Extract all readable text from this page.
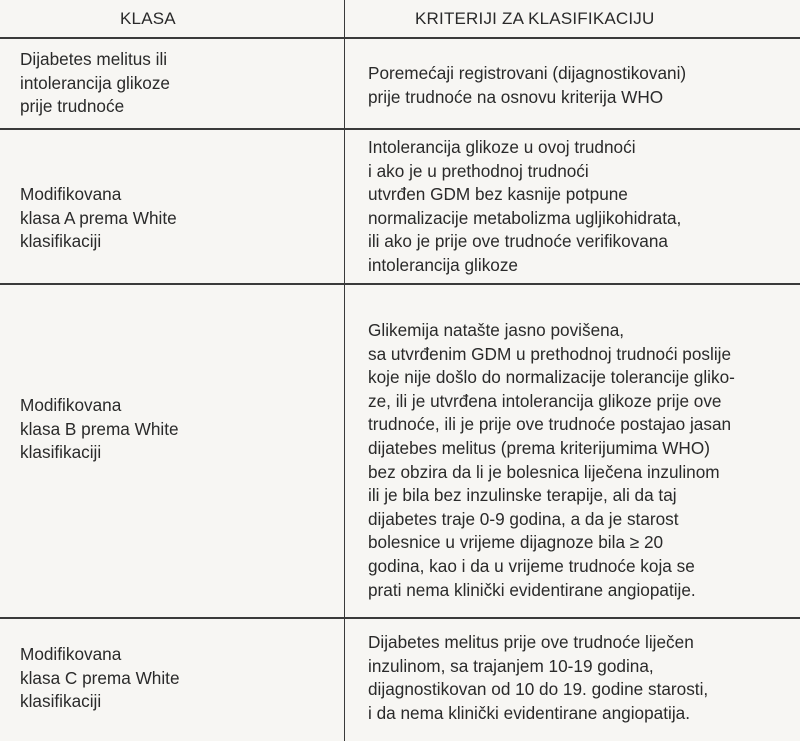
KLASA	KRITERIJI ZA KLASIFIKACIJU
Dijabetes melitus ili
intolerancija glikoze
prije trudnoće
Poremećaji registrovani (dijagnostikovani)
prije trudnoće na osnovu kriterija WHO
Modifikovana
klasa A prema White
klasifikaciji
Intolerancija glikoze u ovoj trudnoći
i ako je u prethodnoj trudnoći
utvrđen GDM bez kasnije potpune
normalizacije metabolizma ugljikohidrata,
ili ako je prije ove trudnoće verifikovana
intolerancija glikoze
Modifikovana
klasa B prema White
klasifikaciji
Glikemija natašte jasno povišena,
sa utvrđenim GDM u prethodnoj trudnoći poslije
koje nije došlo do normalizacije tolerancije gliko-
ze, ili je utvrđena intolerancija glikoze prije ove
trudnoće, ili je prije ove trudnoće postajao jasan
dijatebes melitus (prema kriterijumima WHO)
bez obzira da li je bolesnica liječena inzulinom
ili je bila bez inzulinske terapije, ali da taj
dijabetes traje 0-9 godina, a da je starost
bolesnice u vrijeme dijagnoze bila ≥ 20
godina, kao i da u vrijeme trudnoće koja se
prati nema klinički evidentirane angiopatije.
Modifikovana
klasa C prema White
klasifikaciji
Dijabetes melitus prije ove trudnoće liječen
inzulinom, sa trajanjem 10-19 godina,
dijagnostikovan od 10 do 19. godine starosti,
i da nema klinički evidentirane angiopatija.
